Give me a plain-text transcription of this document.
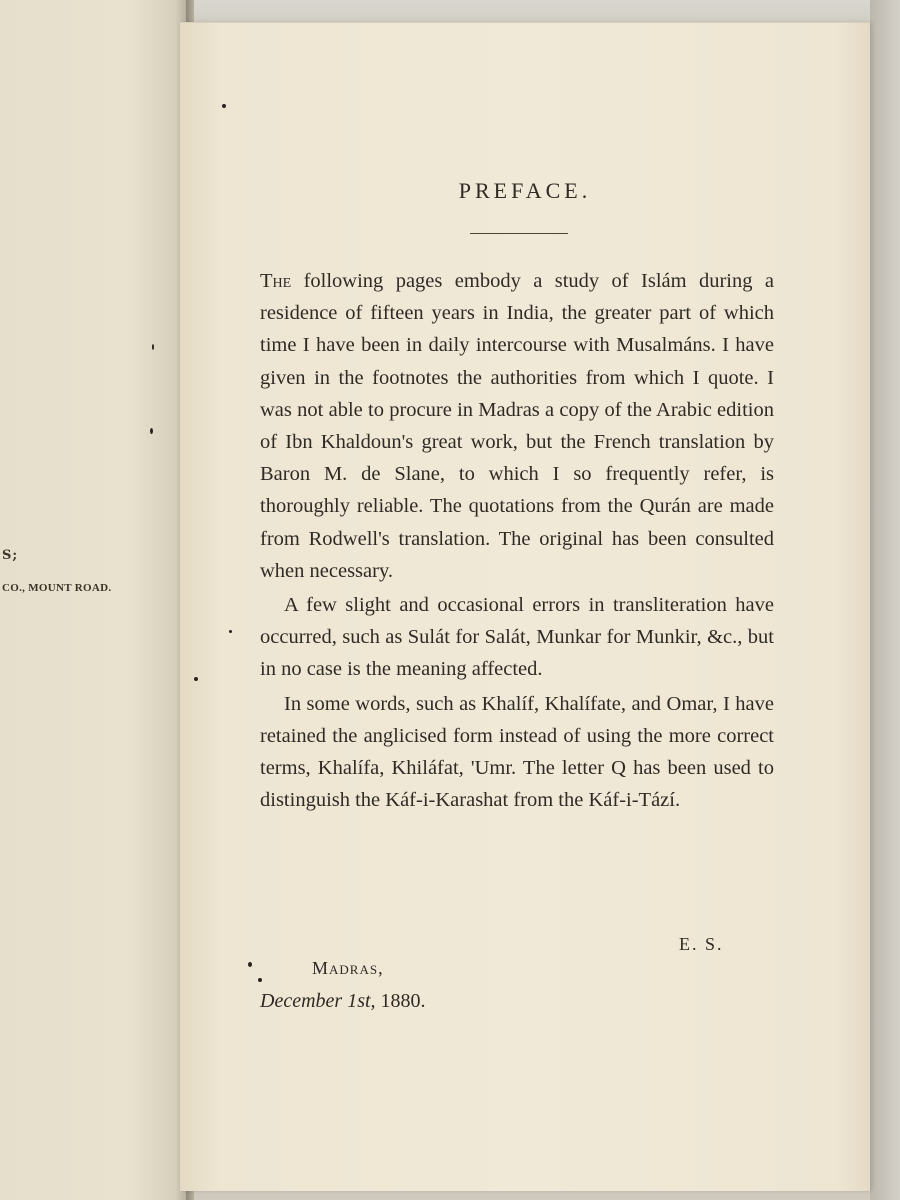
S;
CO., MOUNT ROAD.
PREFACE.

The following pages embody a study of Islám during a residence of fifteen years in India, the greater part of which time I have been in daily intercourse with Musalmáns. I have given in the footnotes the authorities from which I quote. I was not able to procure in Madras a copy of the Arabic edition of Ibn Khaldoun's great work, but the French translation by Baron M. de Slane, to which I so frequently refer, is thoroughly reliable. The quotations from the Qurán are made from Rodwell's translation. The original has been consulted when necessary.

A few slight and occasional errors in transliteration have occurred, such as Sulát for Salát, Munkar for Munkir, &c., but in no case is the meaning affected.

In some words, such as Khalíf, Khalífate, and Omar, I have retained the anglicised form instead of using the more correct terms, Khalífa, Khiláfat, 'Umr. The letter Q has been used to distinguish the Káf-i-Karashat from the Káf-i-Tází.

E. S.
Madras,
December 1st, 1880.
